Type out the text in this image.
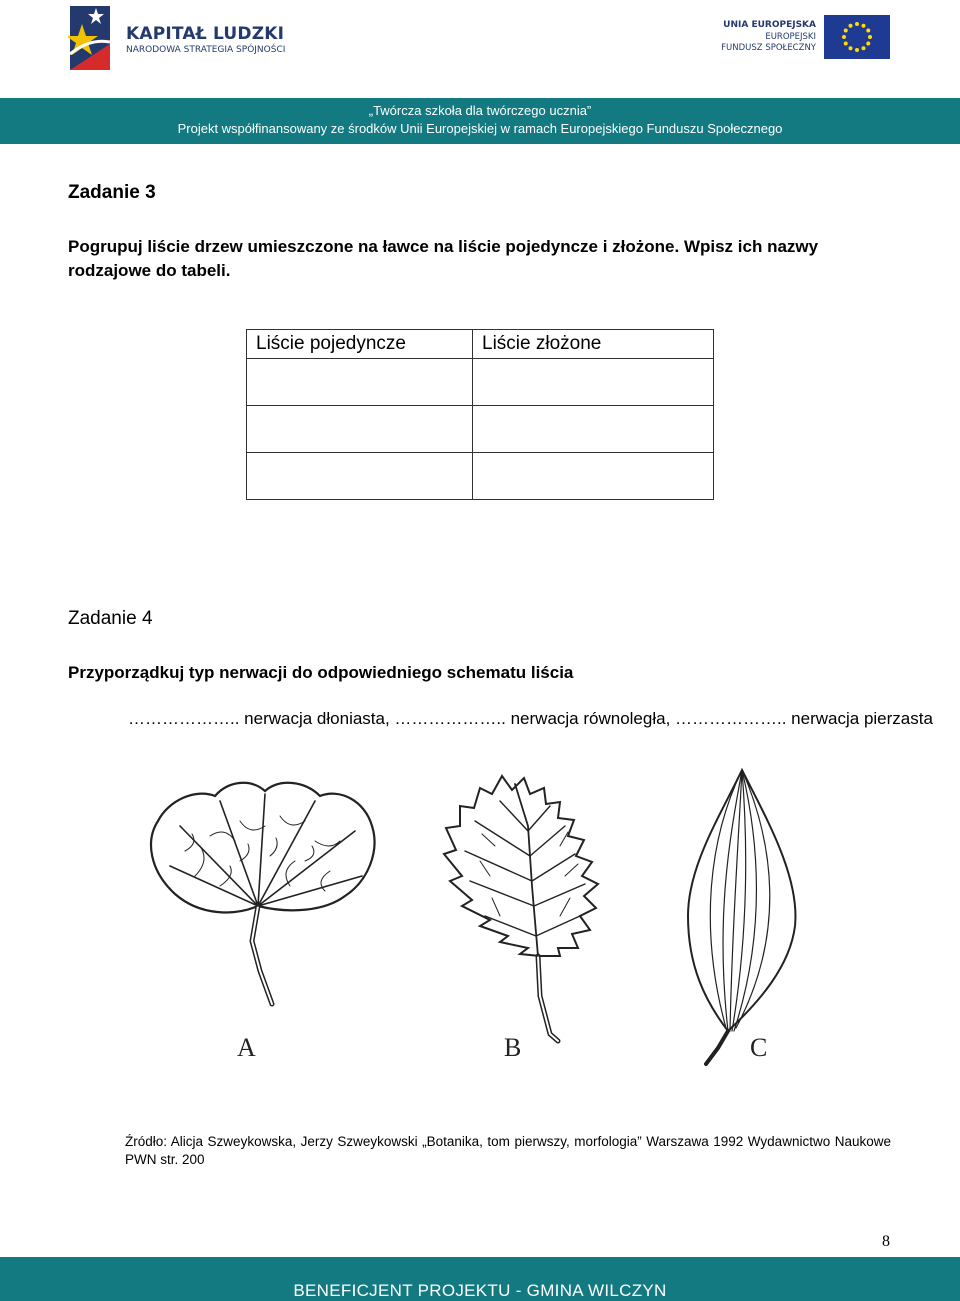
KAPITAŁ LUDZKI
NARODOWA STRATEGIA SPÓJNOŚCI
UNIA EUROPEJSKA
EUROPEJSKI
FUNDUSZ SPOŁECZNY
„Twórcza szkoła dla twórczego ucznia”
Projekt współfinansowany ze środków Unii Europejskiej w ramach Europejskiego Funduszu Społecznego
Zadanie 3
Pogrupuj liście drzew umieszczone na ławce na liście pojedyncze i złożone. Wpisz ich nazwy rodzajowe do tabeli.
Liście pojedyncze	Liście złożone

Zadanie 4
Przyporządkuj typ nerwacji do odpowiedniego schematu liścia
……………….. nerwacja dłoniasta, ……………….. nerwacja równoległa, ……………….. nerwacja pierzasta
A	B	C
Źródło: Alicja Szweykowska, Jerzy Szweykowski „Botanika, tom pierwszy, morfologia” Warszawa 1992 Wydawnictwo Naukowe PWN str. 200
8
BENEFICJENT PROJEKTU - GMINA WILCZYN
